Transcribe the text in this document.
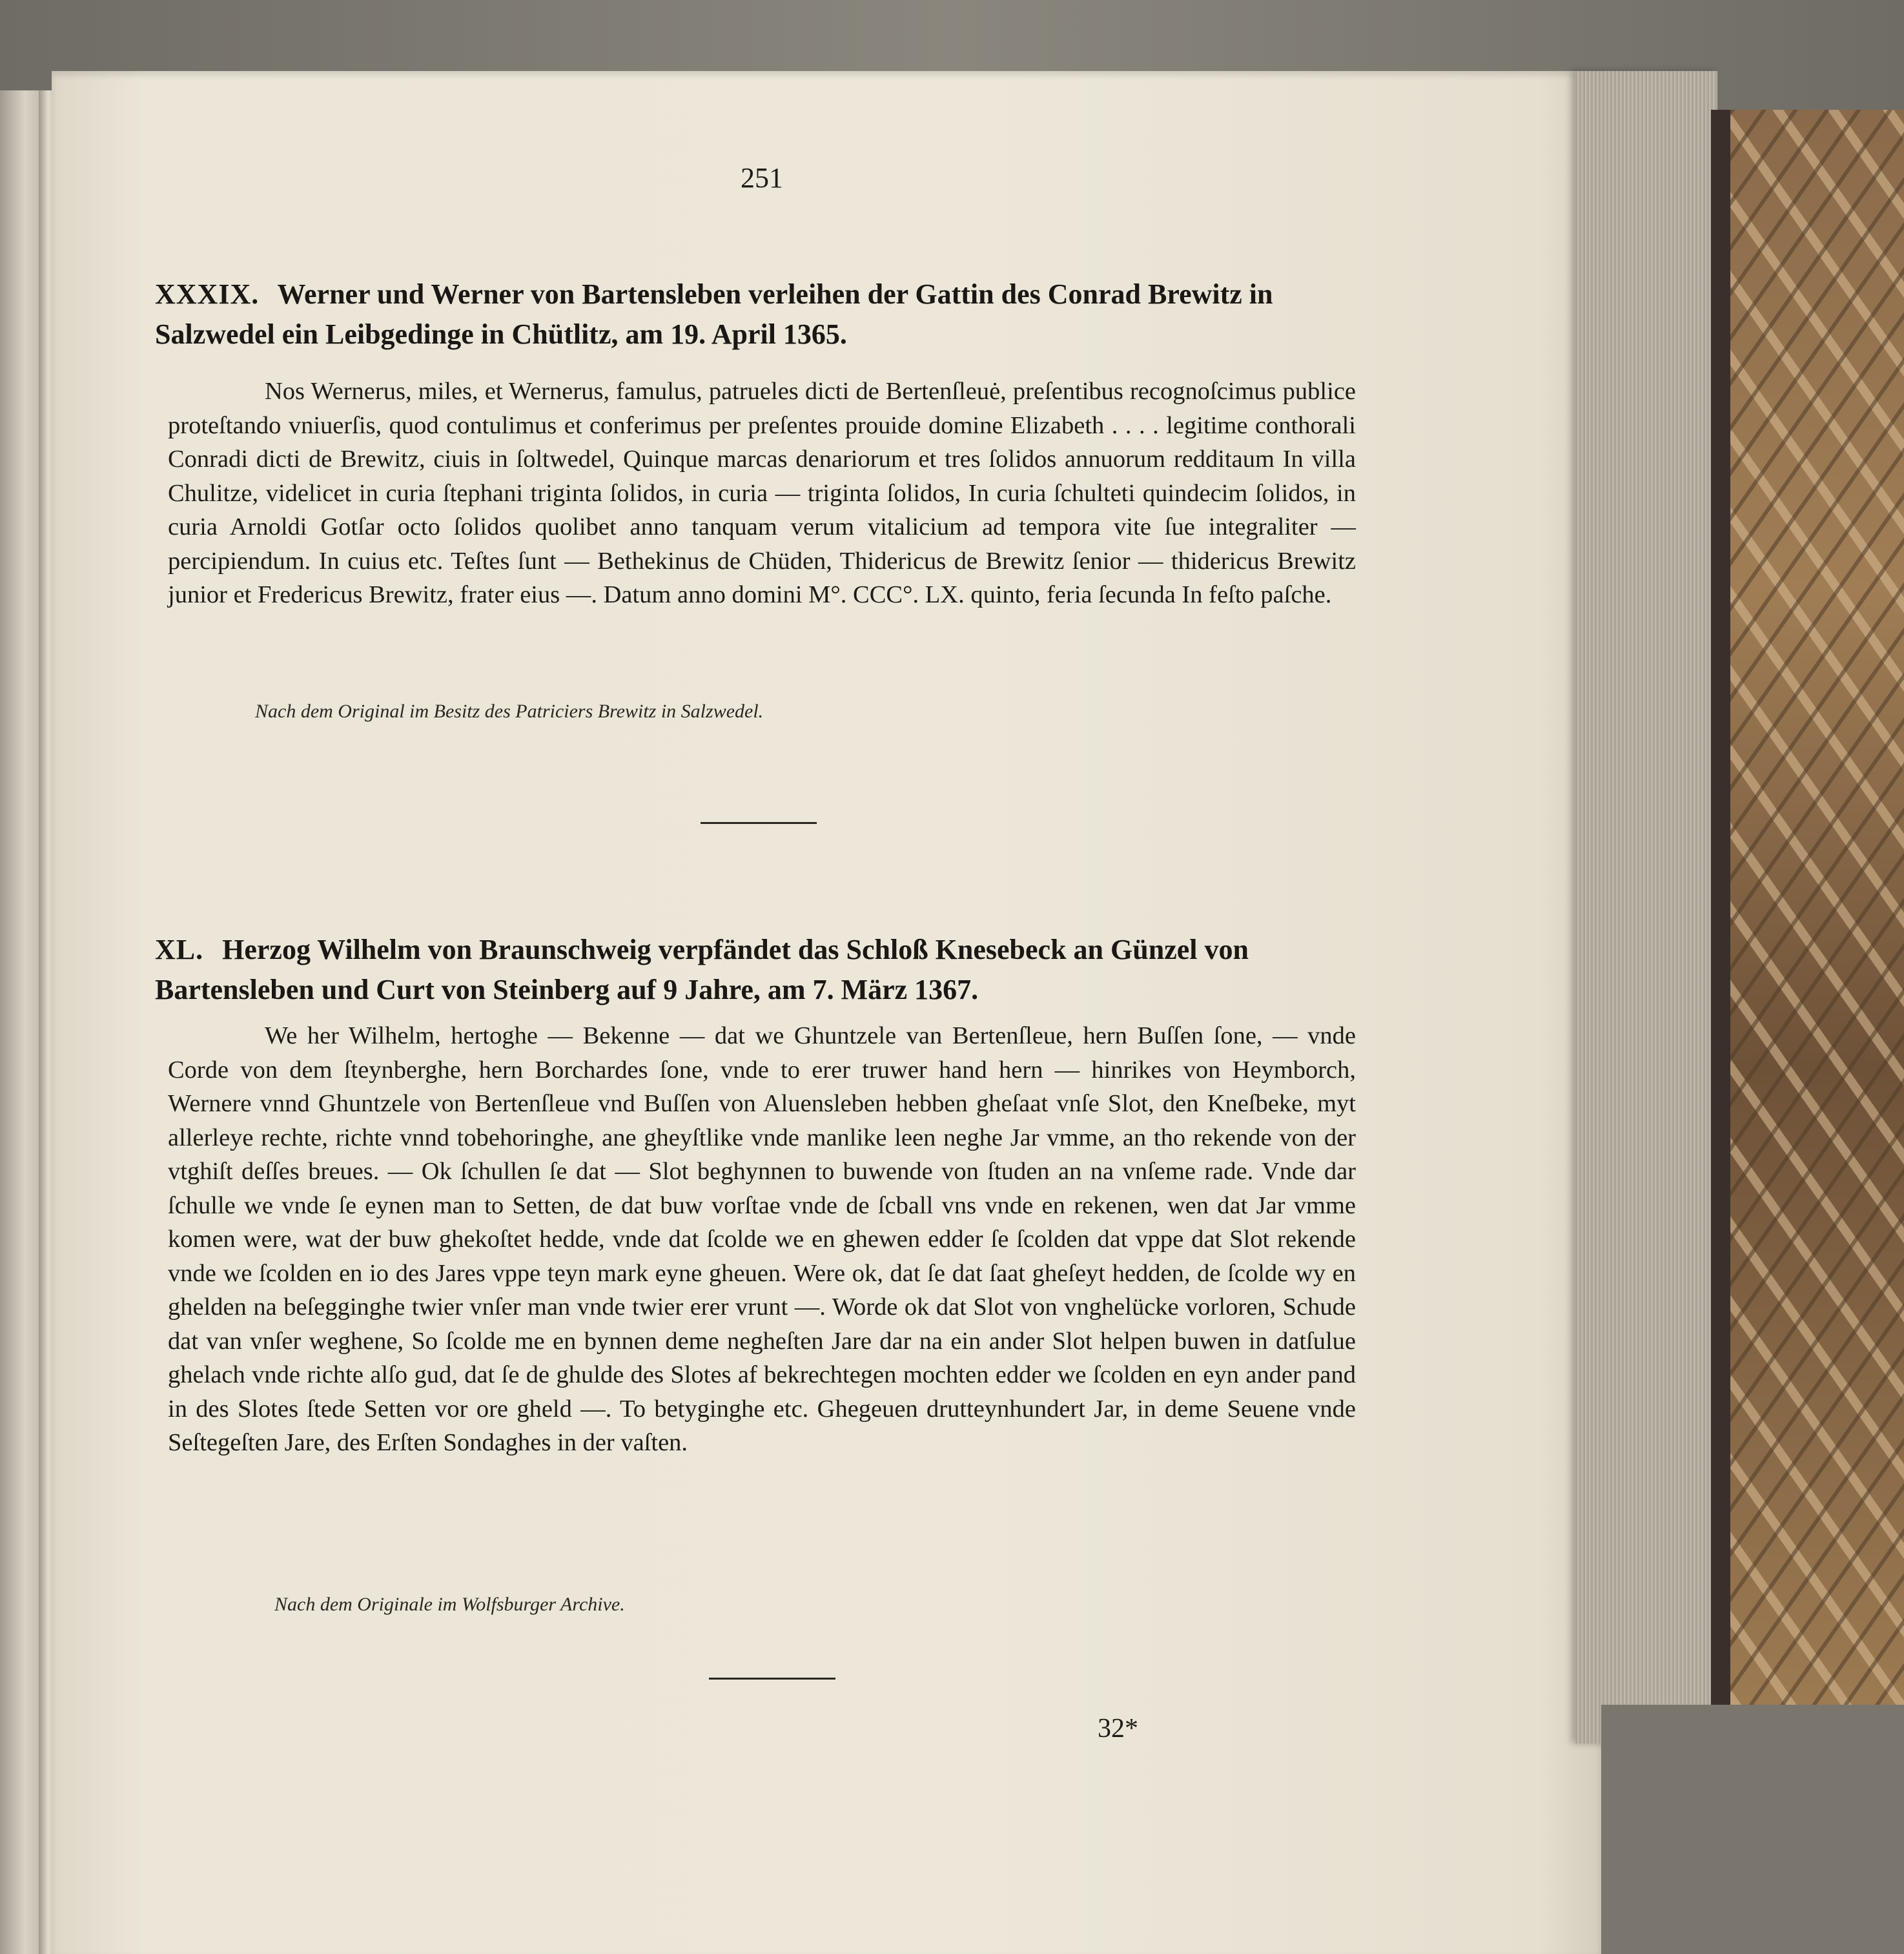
251
XXXIX. Werner und Werner von Bartensleben verleihen der Gattin des Conrad Brewitz in
Salzwedel ein Leibgedinge in Chütlitz, am 19. April 1365.
Nos Wernerus, miles, et Wernerus, famulus, patrueles dicti de Bertenſleuė, preſentibus recognoſcimus publice proteſtando vniuerſis, quod contulimus et conferimus per preſentes prouide domine Elizabeth . . . . legitime conthorali Conradi dicti de Brewitz, ciuis in ſoltwedel, Quinque marcas denariorum et tres ſolidos annuorum redditaum In villa Chulitze, videlicet in curia ſtephani triginta ſolidos, in curia — triginta ſolidos, In curia ſchulteti quindecim ſolidos, in curia Arnoldi Gotſar octo ſolidos quolibet anno tanquam verum vitalicium ad tempora vite ſue integraliter — percipiendum. In cuius etc. Teſtes ſunt — Bethekinus de Chüden, Thidericus de Brewitz ſenior — thidericus Brewitz junior et Fredericus Brewitz, frater eius —. Datum anno domini M°. CCC°. LX. quinto, feria ſecunda In feſto paſche.
Nach dem Original im Besitz des Patriciers Brewitz in Salzwedel.
XL. Herzog Wilhelm von Braunschweig verpfändet das Schloß Knesebeck an Günzel von
Bartensleben und Curt von Steinberg auf 9 Jahre, am 7. März 1367.
We her Wilhelm, hertoghe — Bekenne — dat we Ghuntzele van Bertenſleue, hern Buſſen ſone, — vnde Corde von dem ſteynberghe, hern Borchardes ſone, vnde to erer truwer hand hern — hinrikes von Heymborch, Wernere vnnd Ghuntzele von Bertenſleue vnd Buſſen von Aluensleben hebben gheſaat vnſe Slot, den Kneſbeke, myt allerleye rechte, richte vnnd tobehoringhe, ane gheyſtlike vnde manlike leen neghe Jar vmme, an tho rekende von der vtghiſt deſſes breues. — Ok ſchullen ſe dat — Slot beghynnen to buwende von ſtuden an na vnſeme rade. Vnde dar ſchulle we vnde ſe eynen man to Setten, de dat buw vorſtae vnde de ſcball vns vnde en rekenen, wen dat Jar vmme komen were, wat der buw ghekoſtet hedde, vnde dat ſcolde we en ghewen edder ſe ſcolden dat vppe dat Slot rekende vnde we ſcolden en io des Jares vppe teyn mark eyne gheuen. Were ok, dat ſe dat ſaat gheſeyt hedden, de ſcolde wy en ghelden na beſegginghe twier vnſer man vnde twier erer vrunt —. Worde ok dat Slot von vnghelücke vorloren, Schude dat van vnſer weghene, So ſcolde me en bynnen deme negheſten Jare dar na ein ander Slot helpen buwen in datſulue ghelach vnde richte alſo gud, dat ſe de ghulde des Slotes af bekrechtegen mochten edder we ſcolden en eyn ander pand in des Slotes ſtede Setten vor ore gheld —. To betyginghe etc. Ghegeuen drutteynhundert Jar, in deme Seuene vnde Seſtegeſten Jare, des Erſten Sondaghes in der vaſten.
Nach dem Originale im Wolfsburger Archive.
32*
